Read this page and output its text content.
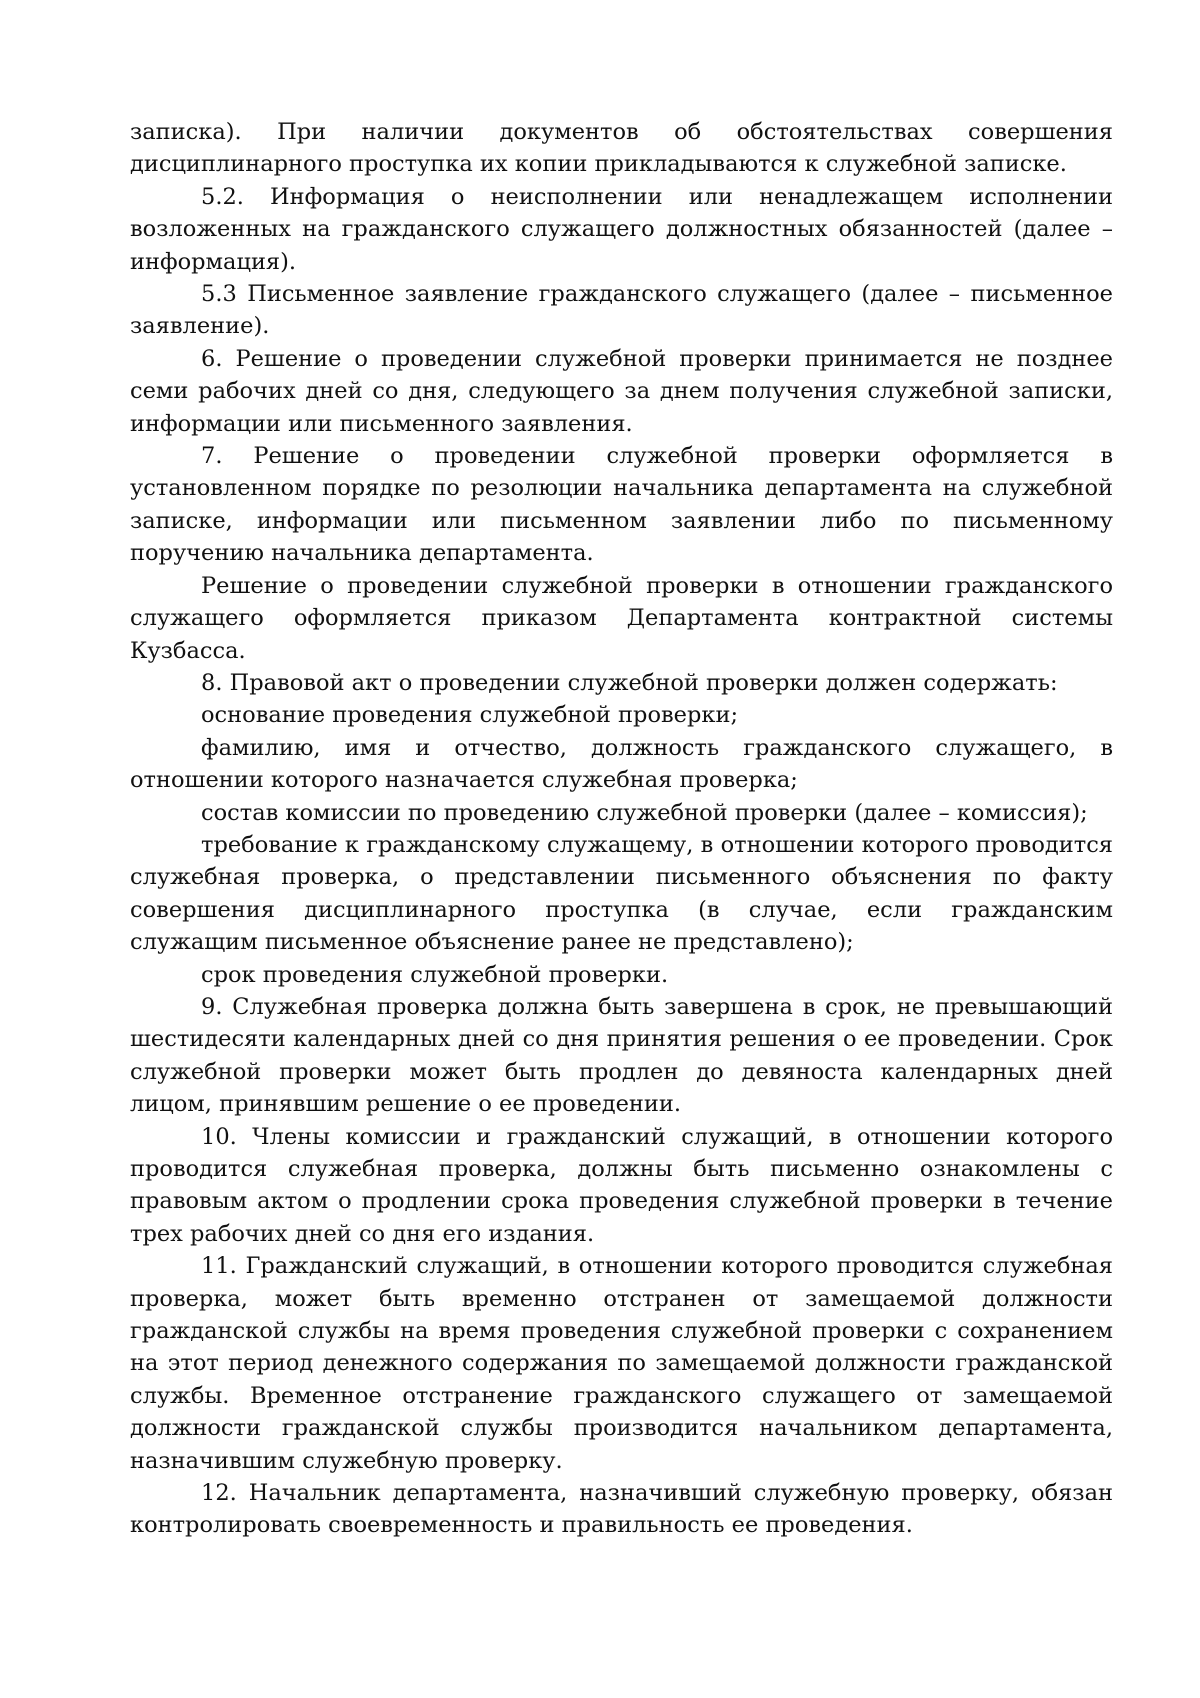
записка). При наличии документов об обстоятельствах совершения дисциплинарного проступка их копии прикладываются к служебной записке.

5.2. Информация о неисполнении или ненадлежащем исполнении возложенных на гражданского служащего должностных обязанностей (далее – информация).

5.3 Письменное заявление гражданского служащего (далее – письменное заявление).

6. Решение о проведении служебной проверки принимается не позднее семи рабочих дней со дня, следующего за днем получения служебной записки, информации или письменного заявления.

7. Решение о проведении служебной проверки оформляется в установленном порядке по резолюции начальника департамента на служебной записке, информации или письменном заявлении либо по письменному поручению начальника департамента.

Решение о проведении служебной проверки в отношении гражданского служащего оформляется приказом Департамента контрактной системы Кузбасса.

8. Правовой акт о проведении служебной проверки должен содержать:

основание проведения служебной проверки;

фамилию, имя и отчество, должность гражданского служащего, в отношении которого назначается служебная проверка;

состав комиссии по проведению служебной проверки (далее – комиссия);

требование к гражданскому служащему, в отношении которого проводится служебная проверка, о представлении письменного объяснения по факту совершения дисциплинарного проступка (в случае, если гражданским служащим письменное объяснение ранее не представлено);

срок проведения служебной проверки.

9. Служебная проверка должна быть завершена в срок, не превышающий шестидесяти календарных дней со дня принятия решения о ее проведении. Срок служебной проверки может быть продлен до девяноста календарных дней лицом, принявшим решение о ее проведении.

10. Члены комиссии и гражданский служащий, в отношении которого проводится служебная проверка, должны быть письменно ознакомлены с правовым актом о продлении срока проведения служебной проверки в течение трех рабочих дней со дня его издания.

11. Гражданский служащий, в отношении которого проводится служебная проверка, может быть временно отстранен от замещаемой должности гражданской службы на время проведения служебной проверки с сохранением на этот период денежного содержания по замещаемой должности гражданской службы. Временное отстранение гражданского служащего от замещаемой должности гражданской службы производится начальником департамента, назначившим служебную проверку.

12. Начальник департамента, назначивший служебную проверку, обязан контролировать своевременность и правильность ее проведения.
